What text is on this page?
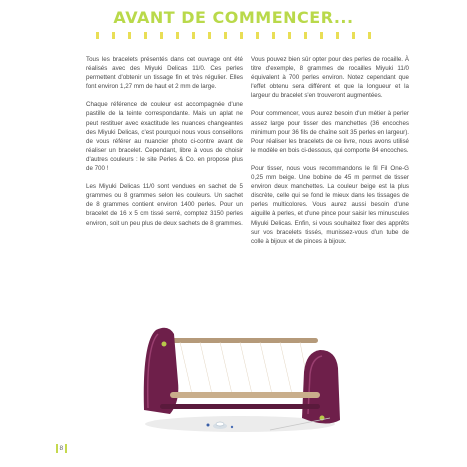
AVANT DE COMMENCER...

Tous les bracelets présentés dans cet ouvrage ont été réalisés avec des Miyuki Delicas 11/0. Ces perles permettent d'obtenir un tissage fin et très régulier. Elles font environ 1,27 mm de haut et 2 mm de large.

Chaque référence de couleur est accompagnée d'une pastille de la teinte correspondante. Mais un aplat ne peut restituer avec exactitude les nuances changeantes des Miyuki Delicas, c'est pourquoi nous vous conseillons de vous référer au nuancier photo ci-contre avant de réaliser un bracelet. Cependant, libre à vous de choisir d'autres couleurs : le site Perles & Co. en propose plus de 700 !

Les Miyuki Delicas 11/0 sont vendues en sachet de 5 grammes ou 8 grammes selon les couleurs. Un sachet de 8 grammes contient environ 1400 perles. Pour un bracelet de 16 x 5 cm tissé serré, comptez 3150 perles environ, soit un peu plus de deux sachets de 8 grammes.

Vous pouvez bien sûr opter pour des perles de rocaille. À titre d'exemple, 8 grammes de rocailles Miyuki 11/0 équivalent à 700 perles environ. Notez cependant que l'effet obtenu sera différent et que la longueur et la largeur du bracelet s'en trouveront augmentées.

Pour commencer, vous aurez besoin d'un métier à perler assez large pour tisser des manchettes (36 encoches minimum pour 36 fils de chaîne soit 35 perles en largeur). Pour réaliser les bracelets de ce livre, nous avons utilisé le modèle en bois ci-dessous, qui comporte 84 encoches.

Pour tisser, nous vous recommandons le fil Fil One-G 0,25 mm beige. Une bobine de 45 m permet de tisser environ deux manchettes. La couleur beige est la plus discrète, celle qui se fond le mieux dans les tissages de perles multicolores. Vous aurez aussi besoin d'une aiguille à perles, et d'une pince pour saisir les minuscules Miyuki Delicas. Enfin, si vous souhaitez fixer des apprêts sur vos bracelets tissés, munissez-vous d'un tube de colle à bijoux et de pinces à bijoux.

8
